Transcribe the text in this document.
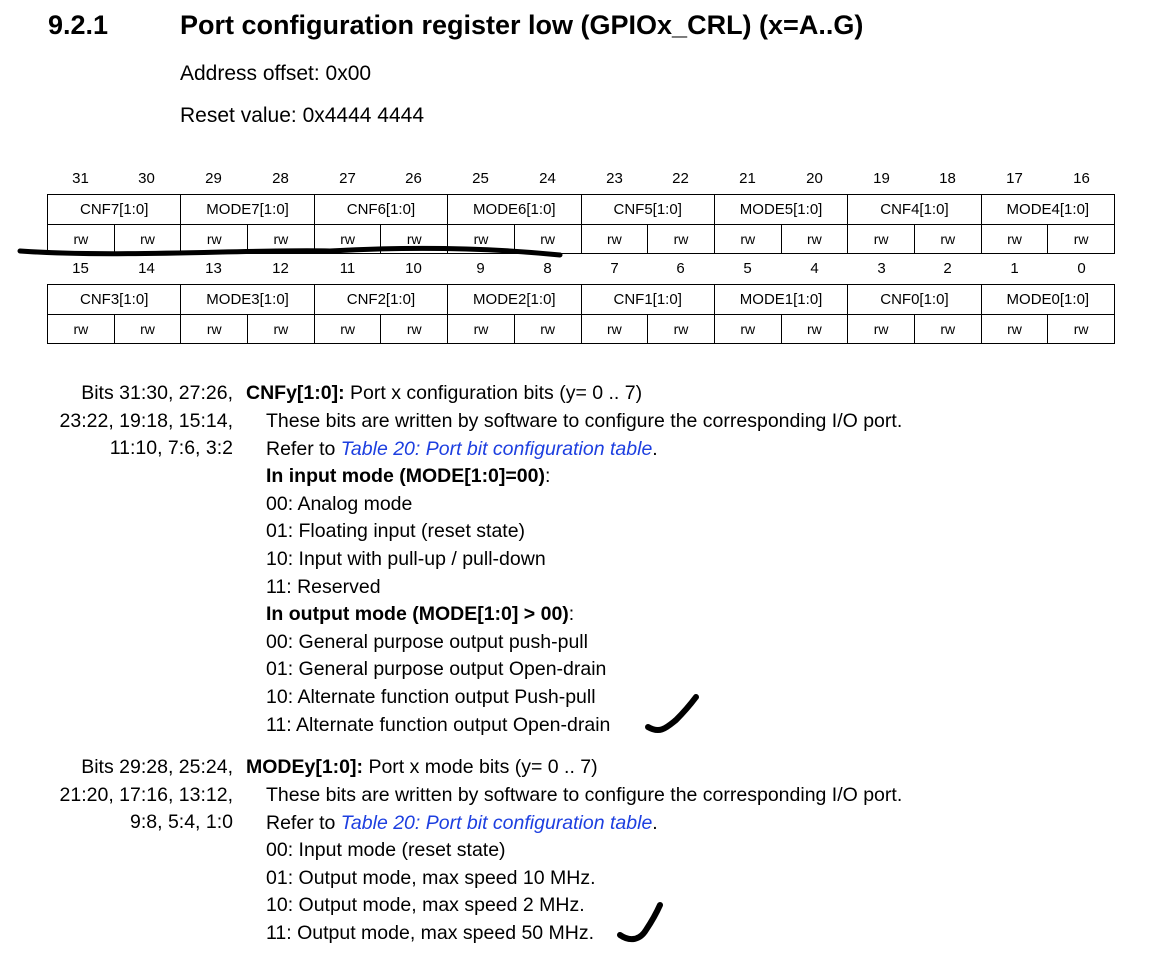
9.2.1	Port configuration register low (GPIOx_CRL) (x=A..G)
Address offset: 0x00
Reset value: 0x4444 4444
31	30	29	28	27	26	25	24	23	22	21	20	19	18	17	16
CNF7[1:0]		MODE7[1:0]		CNF6[1:0]		MODE6[1:0]		CNF5[1:0]		MODE5[1:0]		CNF4[1:0]		MODE4[1:0]	
rw	rw	rw	rw	rw	rw	rw	rw	rw	rw	rw	rw	rw	rw	rw	rw
15	14	13	12	11	10	9	8	7	6	5	4	3	2	1	0
CNF3[1:0]		MODE3[1:0]		CNF2[1:0]		MODE2[1:0]		CNF1[1:0]		MODE1[1:0]		CNF0[1:0]		MODE0[1:0]	
rw	rw	rw	rw	rw	rw	rw	rw	rw	rw	rw	rw	rw	rw	rw	rw
Bits 31:30, 27:26,
23:22, 19:18, 15:14,
11:10, 7:6, 3:2
CNFy[1:0]: Port x configuration bits (y= 0 .. 7)
These bits are written by software to configure the corresponding I/O port.
Refer to Table 20: Port bit configuration table.
In input mode (MODE[1:0]=00):
00: Analog mode
01: Floating input (reset state)
10: Input with pull-up / pull-down
11: Reserved
In output mode (MODE[1:0] > 00):
00: General purpose output push-pull
01: General purpose output Open-drain
10: Alternate function output Push-pull
11: Alternate function output Open-drain
Bits 29:28, 25:24,
21:20, 17:16, 13:12,
9:8, 5:4, 1:0
MODEy[1:0]: Port x mode bits (y= 0 .. 7)
These bits are written by software to configure the corresponding I/O port.
Refer to Table 20: Port bit configuration table.
00: Input mode (reset state)
01: Output mode, max speed 10 MHz.
10: Output mode, max speed 2 MHz.
11: Output mode, max speed 50 MHz.
